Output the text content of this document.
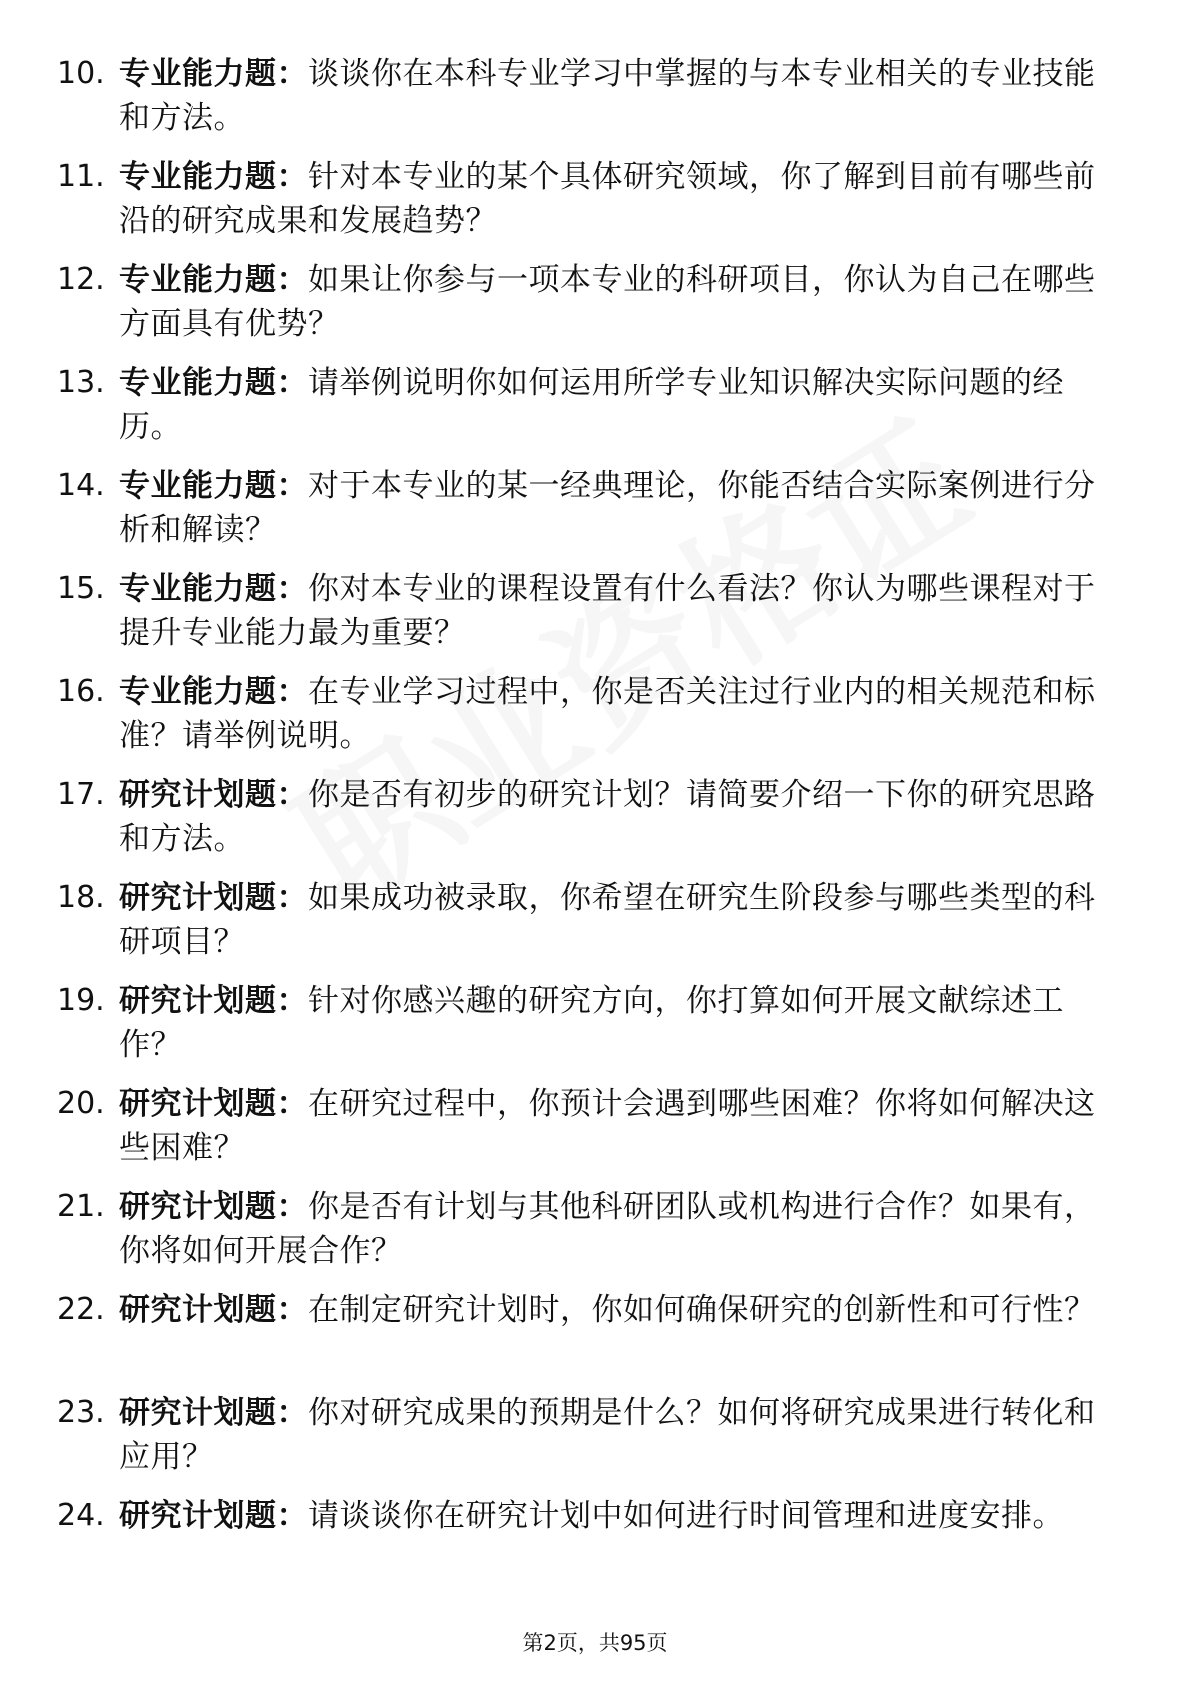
10. 专业能力题：谈谈你在本科专业学习中掌握的与本专业相关的专业技能和方法。
11. 专业能力题：针对本专业的某个具体研究领域，你了解到目前有哪些前沿的研究成果和发展趋势？
12. 专业能力题：如果让你参与一项本专业的科研项目，你认为自己在哪些方面具有优势？
13. 专业能力题：请举例说明你如何运用所学专业知识解决实际问题的经历。
14. 专业能力题：对于本专业的某一经典理论，你能否结合实际案例进行分析和解读？
15. 专业能力题：你对本专业的课程设置有什么看法？你认为哪些课程对于提升专业能力最为重要？
16. 专业能力题：在专业学习过程中，你是否关注过行业内的相关规范和标准？请举例说明。
17. 研究计划题：你是否有初步的研究计划？请简要介绍一下你的研究思路和方法。
18. 研究计划题：如果成功被录取，你希望在研究生阶段参与哪些类型的科研项目？
19. 研究计划题：针对你感兴趣的研究方向，你打算如何开展文献综述工作？
20. 研究计划题：在研究过程中，你预计会遇到哪些困难？你将如何解决这些困难？
21. 研究计划题：你是否有计划与其他科研团队或机构进行合作？如果有，你将如何开展合作？
22. 研究计划题：在制定研究计划时，你如何确保研究的创新性和可行性？
23. 研究计划题：你对研究成果的预期是什么？如何将研究成果进行转化和应用？
24. 研究计划题：请谈谈你在研究计划中如何进行时间管理和进度安排。
第2页，共95页
